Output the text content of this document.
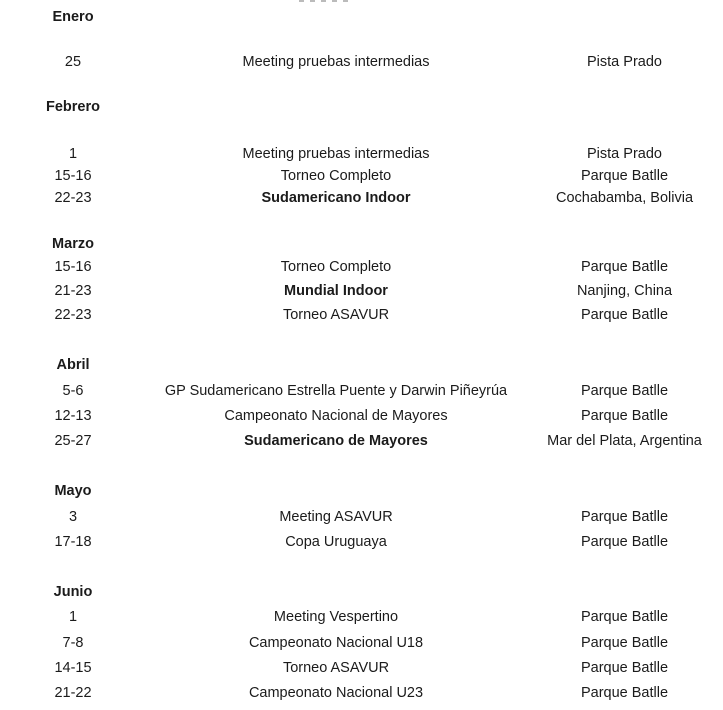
Enero
25	Meeting pruebas intermedias	Pista Prado
Febrero
1	Meeting pruebas intermedias	Pista Prado
15-16	Torneo Completo	Parque Batlle
22-23	Sudamericano Indoor	Cochabamba, Bolivia
Marzo
15-16	Torneo Completo	Parque Batlle
21-23	Mundial Indoor	Nanjing, China
22-23	Torneo ASAVUR	Parque Batlle
Abril
5-6	GP Sudamericano Estrella Puente y Darwin Piñeyrúa	Parque Batlle
12-13	Campeonato Nacional de Mayores	Parque Batlle
25-27	Sudamericano de Mayores	Mar del Plata, Argentina
Mayo
3	Meeting ASAVUR	Parque Batlle
17-18	Copa Uruguaya	Parque Batlle
Junio
1	Meeting Vespertino	Parque Batlle
7-8	Campeonato Nacional U18	Parque Batlle
14-15	Torneo ASAVUR	Parque Batlle
21-22	Campeonato Nacional U23	Parque Batlle
